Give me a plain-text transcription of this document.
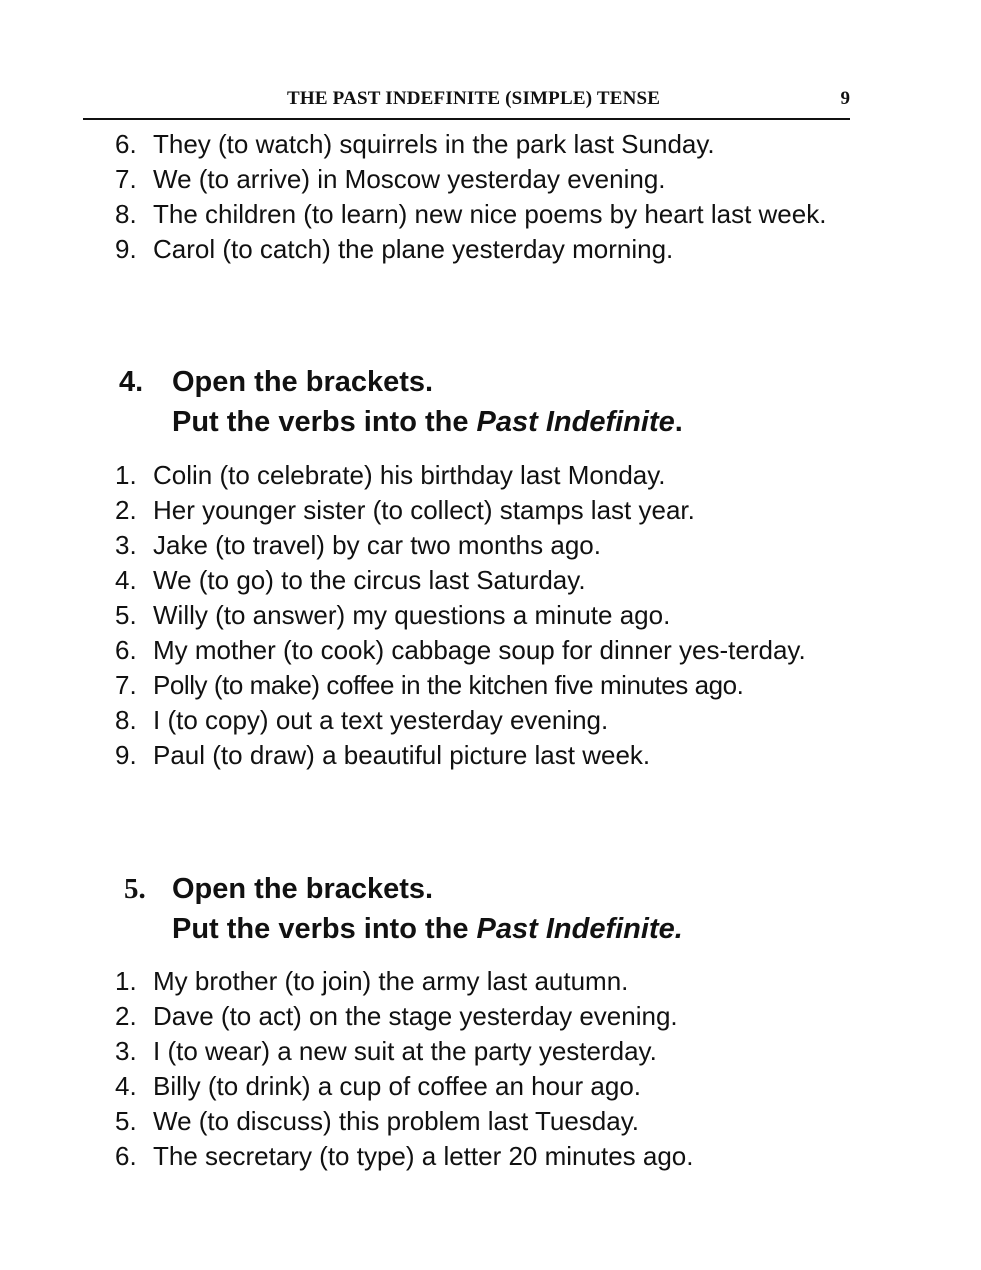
THE PAST INDEFINITE (SIMPLE) TENSE	9
6. They (to watch) squirrels in the park last Sunday.
7. We (to arrive) in Moscow yesterday evening.
8. The children (to learn) new nice poems by heart last week.
9. Carol (to catch) the plane yesterday morning.
4. Open the brackets.
Put the verbs into the Past Indefinite.
1. Colin (to celebrate) his birthday last Monday.
2. Her younger sister (to collect) stamps last year.
3. Jake (to travel) by car two months ago.
4. We (to go) to the circus last Saturday.
5. Willy (to answer) my questions a minute ago.
6. My mother (to cook) cabbage soup for dinner yes-terday.
7. Polly (to make) coffee in the kitchen five minutes ago.
8. I (to copy) out a text yesterday evening.
9. Paul (to draw) a beautiful picture last week.
5. Open the brackets.
Put the verbs into the Past Indefinite.
1. My brother (to join) the army last autumn.
2. Dave (to act) on the stage yesterday evening.
3. I (to wear) a new suit at the party yesterday.
4. Billy (to drink) a cup of coffee an hour ago.
5. We (to discuss) this problem last Tuesday.
6. The secretary (to type) a letter 20 minutes ago.
